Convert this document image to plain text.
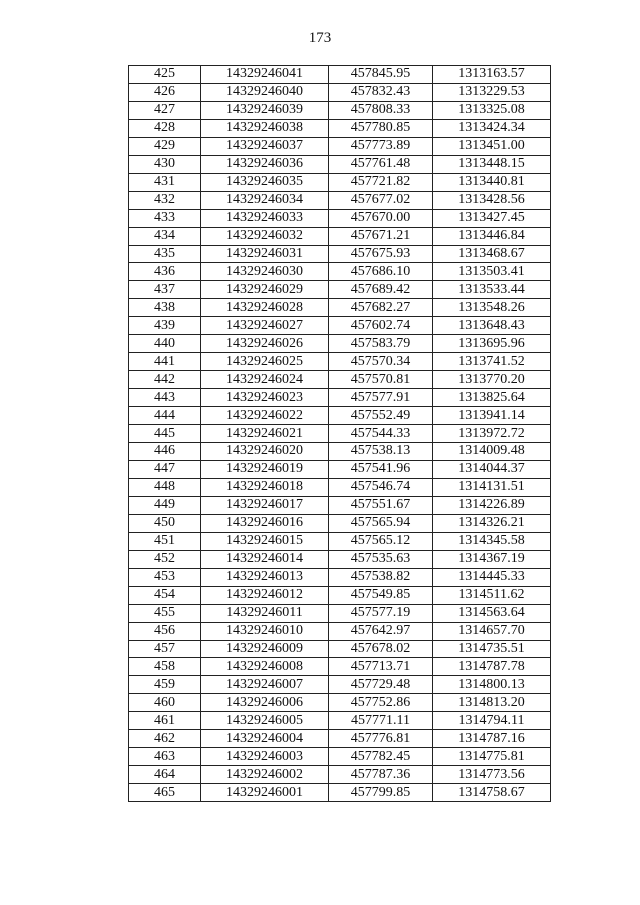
173
425	14329246041	457845.95	1313163.57
426	14329246040	457832.43	1313229.53
427	14329246039	457808.33	1313325.08
428	14329246038	457780.85	1313424.34
429	14329246037	457773.89	1313451.00
430	14329246036	457761.48	1313448.15
431	14329246035	457721.82	1313440.81
432	14329246034	457677.02	1313428.56
433	14329246033	457670.00	1313427.45
434	14329246032	457671.21	1313446.84
435	14329246031	457675.93	1313468.67
436	14329246030	457686.10	1313503.41
437	14329246029	457689.42	1313533.44
438	14329246028	457682.27	1313548.26
439	14329246027	457602.74	1313648.43
440	14329246026	457583.79	1313695.96
441	14329246025	457570.34	1313741.52
442	14329246024	457570.81	1313770.20
443	14329246023	457577.91	1313825.64
444	14329246022	457552.49	1313941.14
445	14329246021	457544.33	1313972.72
446	14329246020	457538.13	1314009.48
447	14329246019	457541.96	1314044.37
448	14329246018	457546.74	1314131.51
449	14329246017	457551.67	1314226.89
450	14329246016	457565.94	1314326.21
451	14329246015	457565.12	1314345.58
452	14329246014	457535.63	1314367.19
453	14329246013	457538.82	1314445.33
454	14329246012	457549.85	1314511.62
455	14329246011	457577.19	1314563.64
456	14329246010	457642.97	1314657.70
457	14329246009	457678.02	1314735.51
458	14329246008	457713.71	1314787.78
459	14329246007	457729.48	1314800.13
460	14329246006	457752.86	1314813.20
461	14329246005	457771.11	1314794.11
462	14329246004	457776.81	1314787.16
463	14329246003	457782.45	1314775.81
464	14329246002	457787.36	1314773.56
465	14329246001	457799.85	1314758.67
